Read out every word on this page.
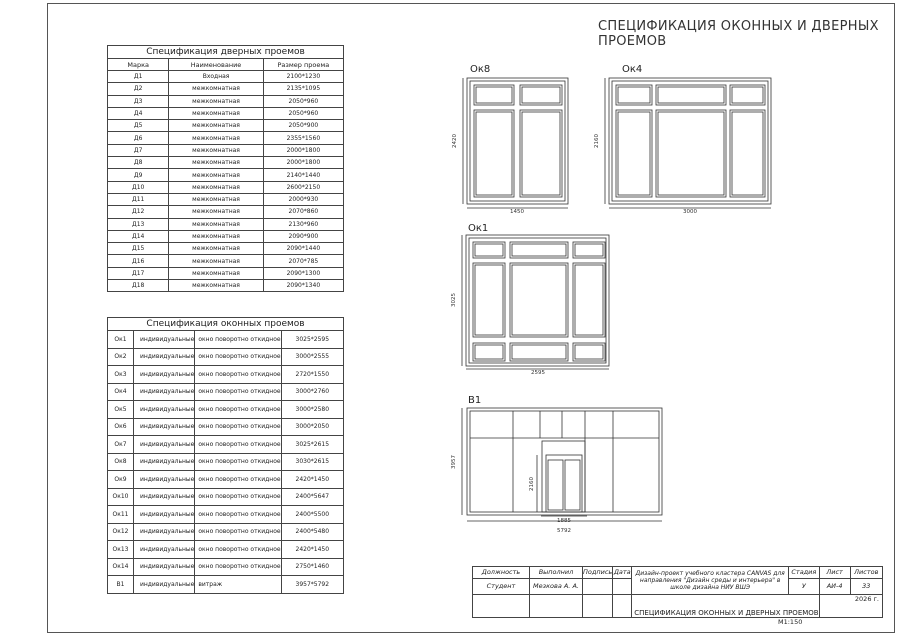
СПЕЦИФИКАЦИЯ ОКОННЫХ И ДВЕРНЫХ ПРОЕМОВ
Спецификация дверных проемов		
Марка	Наименование	Размер проема
Д1	Входная	2100*1230
Д2	межкомнатная	2135*1095
Д3	межкомнатная	2050*960
Д4	межкомнатная	2050*960
Д5	межкомнатная	2050*900
Д6	межкомнатная	2355*1560
Д7	межкомнатная	2000*1800
Д8	межкомнатная	2000*1800
Д9	межкомнатная	2140*1440
Д10	межкомнатная	2600*2150
Д11	межкомнатная	2000*930
Д12	межкомнатная	2070*860
Д13	межкомнатная	2130*960
Д14	межкомнатная	2090*900
Д15	межкомнатная	2090*1440
Д16	межкомнатная	2070*785
Д17	межкомнатная	2090*1300
Д18	межкомнатная	2090*1340
Спецификация оконных проемов			
Ок1	индивидуальные	окно поворотно откидное	3025*2595
Ок2	индивидуальные	окно поворотно откидное	3000*2555
Ок3	индивидуальные	окно поворотно откидное	2720*1550
Ок4	индивидуальные	окно поворотно откидное	3000*2760
Ок5	индивидуальные	окно поворотно откидное	3000*2580
Ок6	индивидуальные	окно поворотно откидное	3000*2050
Ок7	индивидуальные	окно поворотно откидное	3025*2615
Ок8	индивидуальные	окно поворотно откидное	3030*2615
Ок9	индивидуальные	окно поворотно откидное	2420*1450
Ок10	индивидуальные	окно поворотно откидное	2400*5647
Ок11	индивидуальные	окно поворотно откидное	2400*5500
Ок12	индивидуальные	окно поворотно откидное	2400*5480
Ок13	индивидуальные	окно поворотно откидное	2420*1450
Ок14	индивидуальные	окно поворотно откидное	2750*1460
В1	индивидуальные	витраж	3957*5792
Ок8	Ок4
Ок1
В1
1450
2420
3000
2160
2595
3025
1885
5792
3957
2160
Должность	Выполнил	Подпись	Дата	Дизайн-проект учебного кластера CANVAS для направления "Дизайн среды и интерьера" в школе дизайна НИУ ВШЭ	Стадия	Лист	Листов
Студент	Мезкова А. А.				У	АИ-4	33
				СПЕЦИФИКАЦИЯ ОКОННЫХ И ДВЕРНЫХ ПРОЕМОВ		2026 г.	
М1:150
